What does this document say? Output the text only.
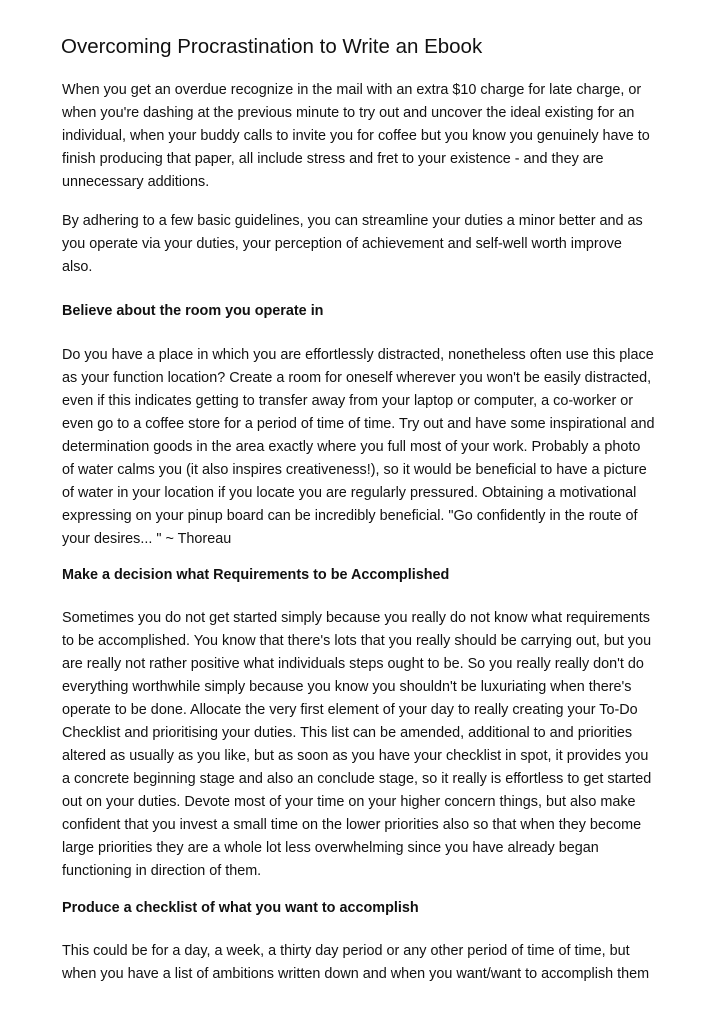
Overcoming Procrastination to Write an Ebook

When you get an overdue recognize in the mail with an extra $10 charge for late charge, or
when you're dashing at the previous minute to try out and uncover the ideal existing for an
individual, when your buddy calls to invite you for coffee but you know you genuinely have to
finish producing that paper, all include stress and fret to your existence - and they are
unnecessary additions.

By adhering to a few basic guidelines, you can streamline your duties a minor better and as
you operate via your duties, your perception of achievement and self-well worth improve
also.

Believe about the room you operate in

Do you have a place in which you are effortlessly distracted, nonetheless often use this place
as your function location? Create a room for oneself wherever you won't be easily distracted,
even if this indicates getting to transfer away from your laptop or computer, a co-worker or
even go to a coffee store for a period of time of time. Try out and have some inspirational and
determination goods in the area exactly where you full most of your work. Probably a photo
of water calms you (it also inspires creativeness!), so it would be beneficial to have a picture
of water in your location if you locate you are regularly pressured. Obtaining a motivational
expressing on your pinup board can be incredibly beneficial. "Go confidently in the route of
your desires... " ~ Thoreau

Make a decision what Requirements to be Accomplished

Sometimes you do not get started simply because you really do not know what requirements
to be accomplished. You know that there's lots that you really should be carrying out, but you
are really not rather positive what individuals steps ought to be. So you really really don't do
everything worthwhile simply because you know you shouldn't be luxuriating when there's
operate to be done. Allocate the very first element of your day to really creating your To-Do
Checklist and prioritising your duties. This list can be amended, additional to and priorities
altered as usually as you like, but as soon as you have your checklist in spot, it provides you
a concrete beginning stage and also an conclude stage, so it really is effortless to get started
out on your duties. Devote most of your time on your higher concern things, but also make
confident that you invest a small time on the lower priorities also so that when they become
large priorities they are a whole lot less overwhelming since you have already began
functioning in direction of them.

Produce a checklist of what you want to accomplish

This could be for a day, a week, a thirty day period or any other period of time of time, but
when you have a list of ambitions written down and when you want/want to accomplish them
